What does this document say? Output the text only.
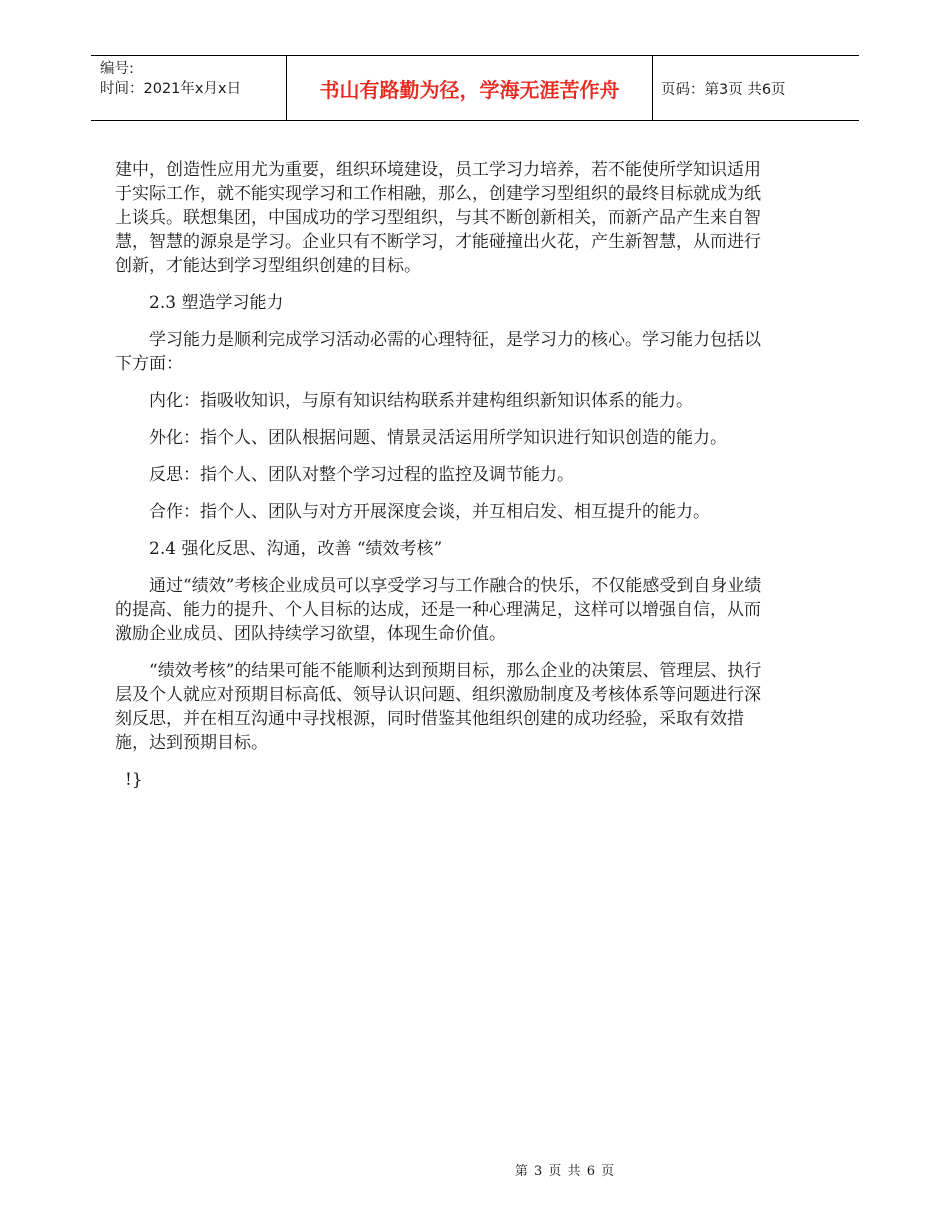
编号:
时间：2021年x月x日	书山有路勤为径，学海无涯苦作舟	页码：第3页 共6页

建中，创造性应用尤为重要，组织环境建设，员工学习力培养，若不能使所学知识适用于实际工作，就不能实现学习和工作相融，那么，创建学习型组织的最终目标就成为纸上谈兵。联想集团，中国成功的学习型组织，与其不断创新相关，而新产品产生来自智慧，智慧的源泉是学习。企业只有不断学习，才能碰撞出火花，产生新智慧，从而进行创新，才能达到学习型组织创建的目标。

2.3 塑造学习能力

学习能力是顺利完成学习活动必需的心理特征，是学习力的核心。学习能力包括以下方面：

内化：指吸收知识，与原有知识结构联系并建构组织新知识体系的能力。

外化：指个人、团队根据问题、情景灵活运用所学知识进行知识创造的能力。

反思：指个人、团队对整个学习过程的监控及调节能力。

合作：指个人、团队与对方开展深度会谈，并互相启发、相互提升的能力。

2.4 强化反思、沟通，改善 “绩效考核”

通过“绩效”考核企业成员可以享受学习与工作融合的快乐，不仅能感受到自身业绩的提高、能力的提升、个人目标的达成，还是一种心理满足，这样可以增强自信，从而激励企业成员、团队持续学习欲望，体现生命价值。

“绩效考核”的结果可能不能顺利达到预期目标，那么企业的决策层、管理层、执行层及个人就应对预期目标高低、领导认识问题、组织激励制度及考核体系等问题进行深刻反思，并在相互沟通中寻找根源，同时借鉴其他组织创建的成功经验，采取有效措施，达到预期目标。

!}

第 3 页 共 6 页
